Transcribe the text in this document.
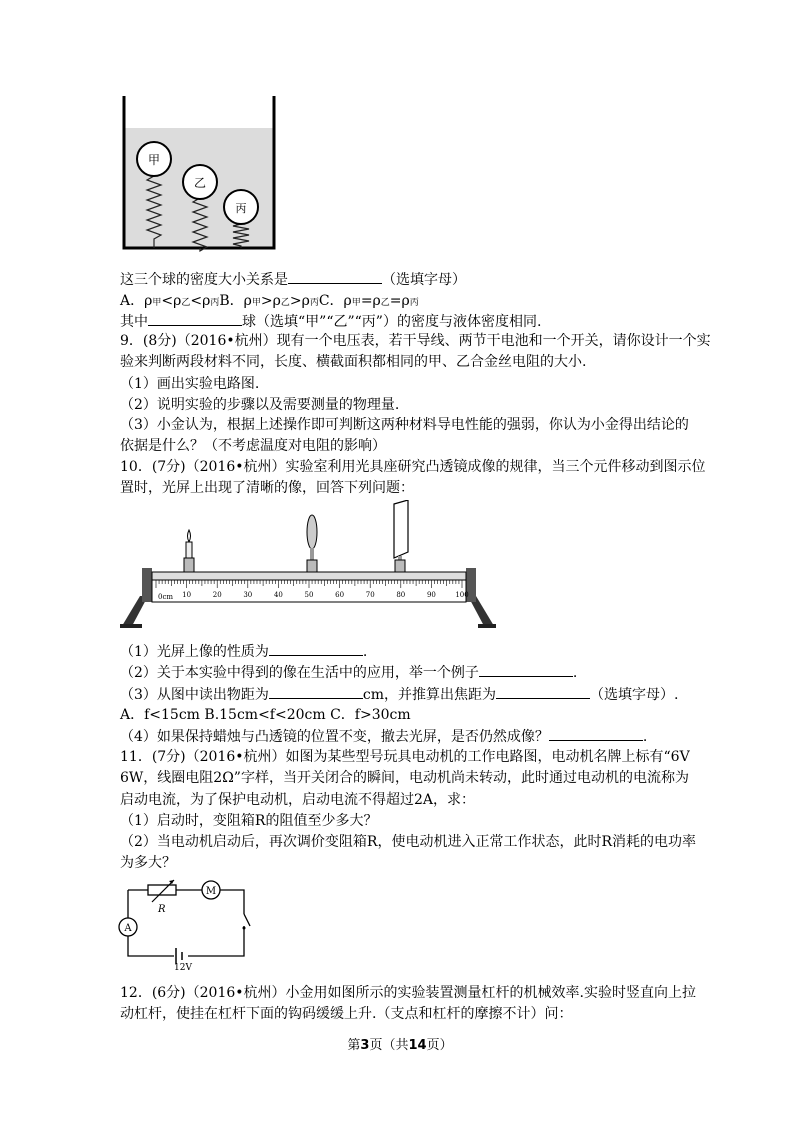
甲
乙
丙
这三个球的密度大小关系是	（选填字母）
A．ρ甲<ρ乙<ρ丙B．ρ甲>ρ乙>ρ丙C．ρ甲=ρ乙=ρ丙
其中	球（选填“甲”“乙”“丙”）的密度与液体密度相同.
9．(8分)（2016•杭州）现有一个电压表，若干导线、两节干电池和一个开关，请你设计一个实
验来判断两段材料不同，长度、横截面积都相同的甲、乙合金丝电阻的大小.
（1）画出实验电路图.
（2）说明实验的步骤以及需要测量的物理量.
（3）小金认为，根据上述操作即可判断这两种材料导电性能的强弱，你认为小金得出结论的
依据是什么？（不考虑温度对电阻的影响）
10．(7分)（2016•杭州）实验室利用光具座研究凸透镜成像的规律，当三个元件移动到图示位
置时，光屏上出现了清晰的像，回答下列问题：
0cm 10	20	30	40	50	60	70	80	90	100
（1）光屏上像的性质为	.
（2）关于本实验中得到的像在生活中的应用，举一个例子	.
（3）从图中读出物距为	cm，并推算出焦距为	（选填字母）.
A．f<15cm B.15cm<f<20cm C．f>30cm
（4）如果保持蜡烛与凸透镜的位置不变，撤去光屏，是否仍然成像？	.
11．(7分)（2016•杭州）如图为某些型号玩具电动机的工作电路图，电动机名牌上标有“6V
6W，线圈电阻2Ω”字样，当开关闭合的瞬间，电动机尚未转动，此时通过电动机的电流称为
启动电流，为了保护电动机，启动电流不得超过2A，求：
（1）启动时，变阻箱R的阻值至少多大？
（2）当电动机启动后，再次调价变阻箱R，使电动机进入正常工作状态，此时R消耗的电功率
为多大？
R
M
A
12V
12．(6分)（2016•杭州）小金用如图所示的实验装置测量杠杆的机械效率.实验时竖直向上拉
动杠杆，使挂在杠杆下面的钩码缓缓上升.（支点和杠杆的摩擦不计）问：
第3页（共14页）
